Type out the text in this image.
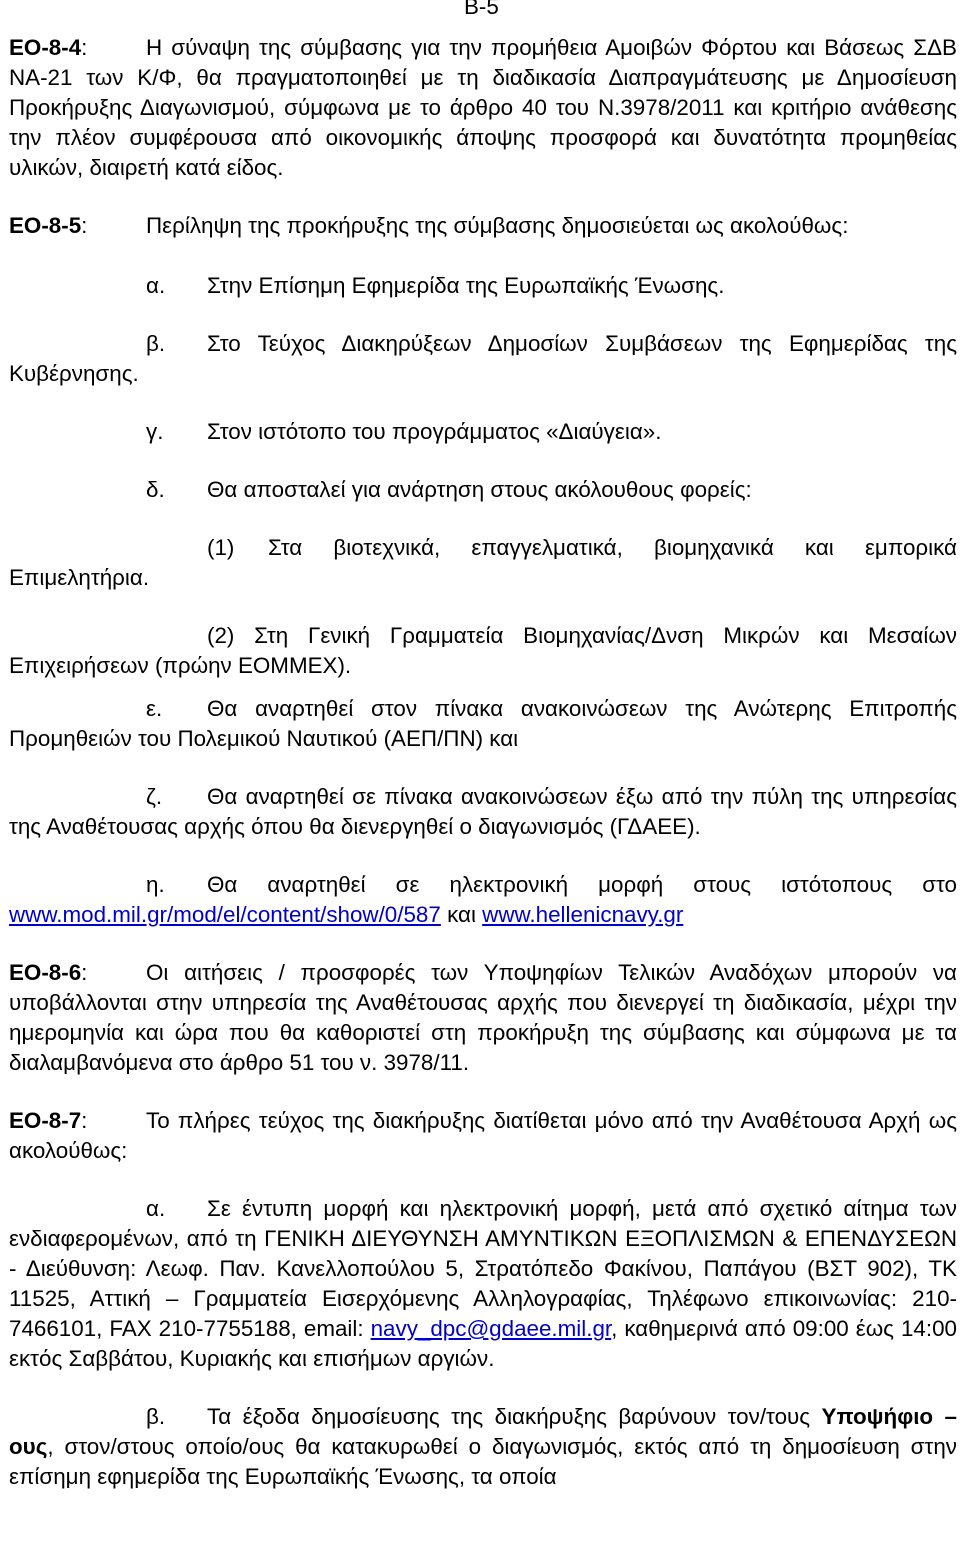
B-5

ΕΟ-8-4:	Η σύναψη της σύμβασης για την προμήθεια Αμοιβών Φόρτου και Βάσεως ΣΔΒ ΝΑ-21 των Κ/Φ, θα πραγματοποιηθεί με τη διαδικασία Διαπραγμάτευσης με Δημοσίευση Προκήρυξης Διαγωνισμού, σύμφωνα με το άρθρο 40 του Ν.3978/2011 και κριτήριο ανάθεσης την πλέον συμφέρουσα από οικονομικής άποψης προσφορά και δυνατότητα προμηθείας υλικών, διαιρετή κατά είδος.

ΕΟ-8-5:	Περίληψη της προκήρυξης της σύμβασης δημοσιεύεται ως ακολούθως:

α. Στην Επίσημη Εφημερίδα της Ευρωπαϊκής Ένωσης.

β. Στο Τεύχος Διακηρύξεων Δημοσίων Συμβάσεων της Εφημερίδας της Κυβέρνησης.

γ. Στον ιστότοπο του προγράμματος «Διαύγεια».

δ. Θα αποσταλεί για ανάρτηση στους ακόλουθους φορείς:

(1) Στα βιοτεχνικά, επαγγελματικά, βιομηχανικά και εμπορικά Επιμελητήρια.

(2) Στη Γενική Γραμματεία Βιομηχανίας/Δνση Μικρών και Μεσαίων Επιχειρήσεων (πρώην ΕΟΜΜΕΧ).

ε. Θα αναρτηθεί στον πίνακα ανακοινώσεων της Ανώτερης Επιτροπής Προμηθειών του Πολεμικού Ναυτικού (ΑΕΠ/ΠΝ) και

ζ. Θα αναρτηθεί σε πίνακα ανακοινώσεων έξω από την πύλη της υπηρεσίας της Αναθέτουσας αρχής όπου θα διενεργηθεί ο διαγωνισμός (ΓΔΑΕΕ).

η. Θα αναρτηθεί σε ηλεκτρονική μορφή στους ιστότοπους στο www.mod.mil.gr/mod/el/content/show/0/587 και www.hellenicnavy.gr

ΕΟ-8-6:	Οι αιτήσεις / προσφορές των Υποψηφίων Τελικών Αναδόχων μπορούν να υποβάλλονται στην υπηρεσία της Αναθέτουσας αρχής που διενεργεί τη διαδικασία, μέχρι την ημερομηνία και ώρα που θα καθοριστεί στη προκήρυξη της σύμβασης και σύμφωνα με τα διαλαμβανόμενα στο άρθρο 51 του ν. 3978/11.

ΕΟ-8-7:	Το πλήρες τεύχος της διακήρυξης διατίθεται μόνο από την Αναθέτουσα Αρχή ως ακολούθως:

α. Σε έντυπη μορφή και ηλεκτρονική μορφή, μετά από σχετικό αίτημα των ενδιαφερομένων, από τη ΓΕΝΙΚΗ ΔΙΕΥΘΥΝΣΗ ΑΜΥΝΤΙΚΩΝ ΕΞΟΠΛΙΣΜΩΝ & ΕΠΕΝΔΥΣΕΩΝ - Διεύθυνση: Λεωφ. Παν. Κανελλοπούλου 5, Στρατόπεδο Φακίνου, Παπάγου (ΒΣΤ 902), ΤΚ 11525, Αττική – Γραμματεία Εισερχόμενης Αλληλογραφίας, Τηλέφωνο επικοινωνίας: 210-7466101, FAX 210-7755188, email: navy_dpc@gdaee.mil.gr, καθημερινά από 09:00 έως 14:00 εκτός Σαββάτου, Κυριακής και επισήμων αργιών.

β. Τα έξοδα δημοσίευσης της διακήρυξης βαρύνουν τον/τους Υποψήφιο – ους, στον/στους οποίο/ους θα κατακυρωθεί ο διαγωνισμός, εκτός από τη δημοσίευση στην επίσημη εφημερίδα της Ευρωπαϊκής Ένωσης, τα οποία
